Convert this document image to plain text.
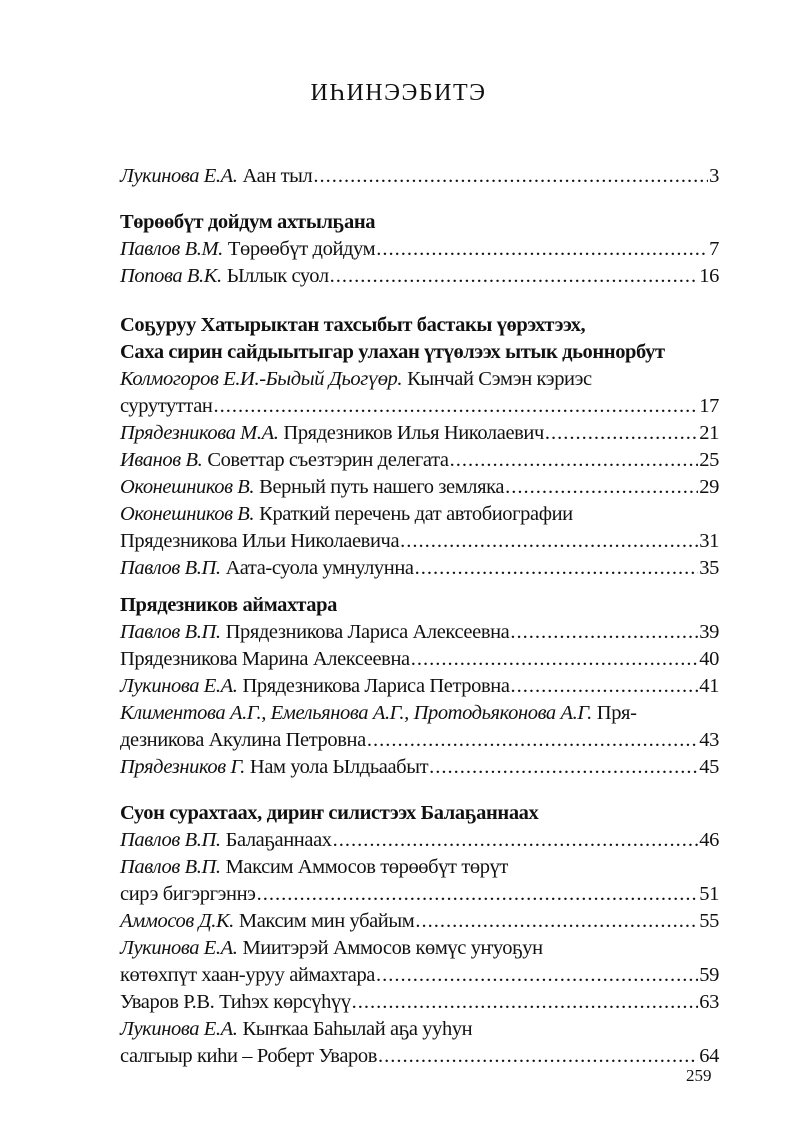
ИҺИНЭЭБИТЭ
Лукинова Е.А. Аан тыл .....	3
Төрөөбүт дойдум ахтылҕана
Павлов В.М. Төрөөбүт дойдум .....	7
Попова В.К. Ыллык суол .....	16
Соҕуруу Хатырыктан тахсыбыт бастакы үөрэхтээх,
Саха сирин сайдыытыгар улахан үтүөлээх ытык дьоннорбут
Колмогоров Е.И.-Быдый Дьогүөр. Кынчай Сэмэн кэриэс
сурутуттан .....	17
Прядезникова М.А. Прядезников Илья Николаевич .....	21
Иванов В. Советтар съезтэрин делегата .....	25
Оконешников В. Верный путь нашего земляка .....	29
Оконешников В. Краткий перечень дат автобиографии
Прядезникова Ильи Николаевича .....	31
Павлов В.П. Аата-суола умнулунна .....	35
Прядезников аймахтара
Павлов В.П. Прядезникова Лариса Алексеевна .....	39
Прядезникова Марина Алексеевна .....	40
Лукинова Е.А. Прядезникова Лариса Петровна .....	41
Климентова А.Г., Емельянова А.Г., Протодьяконова А.Г. Пря-
дезникова Акулина Петровна .....	43
Прядезников Г. Нам уола Ылдьаабыт .....	45
Суон сурахтаах, дириҥ силистээх Балаҕаннаах
Павлов В.П. Балаҕаннаах .....	46
Павлов В.П. Максим Аммосов төрөөбүт төрүт
сирэ бигэргэннэ .....	51
Аммосов Д.К. Максим мин убайым .....	55
Лукинова Е.А. Миитэрэй Аммосов көмүс уҥуоҕун
көтөхпүт хаан-уруу аймахтара .....	59
Уваров Р.В. Тиһэх көрсүһүү .....	63
Лукинова Е.А. Кыҥкаа Баһылай аҕа ууһун
салгыыр киһи – Роберт Уваров .....	64
259
